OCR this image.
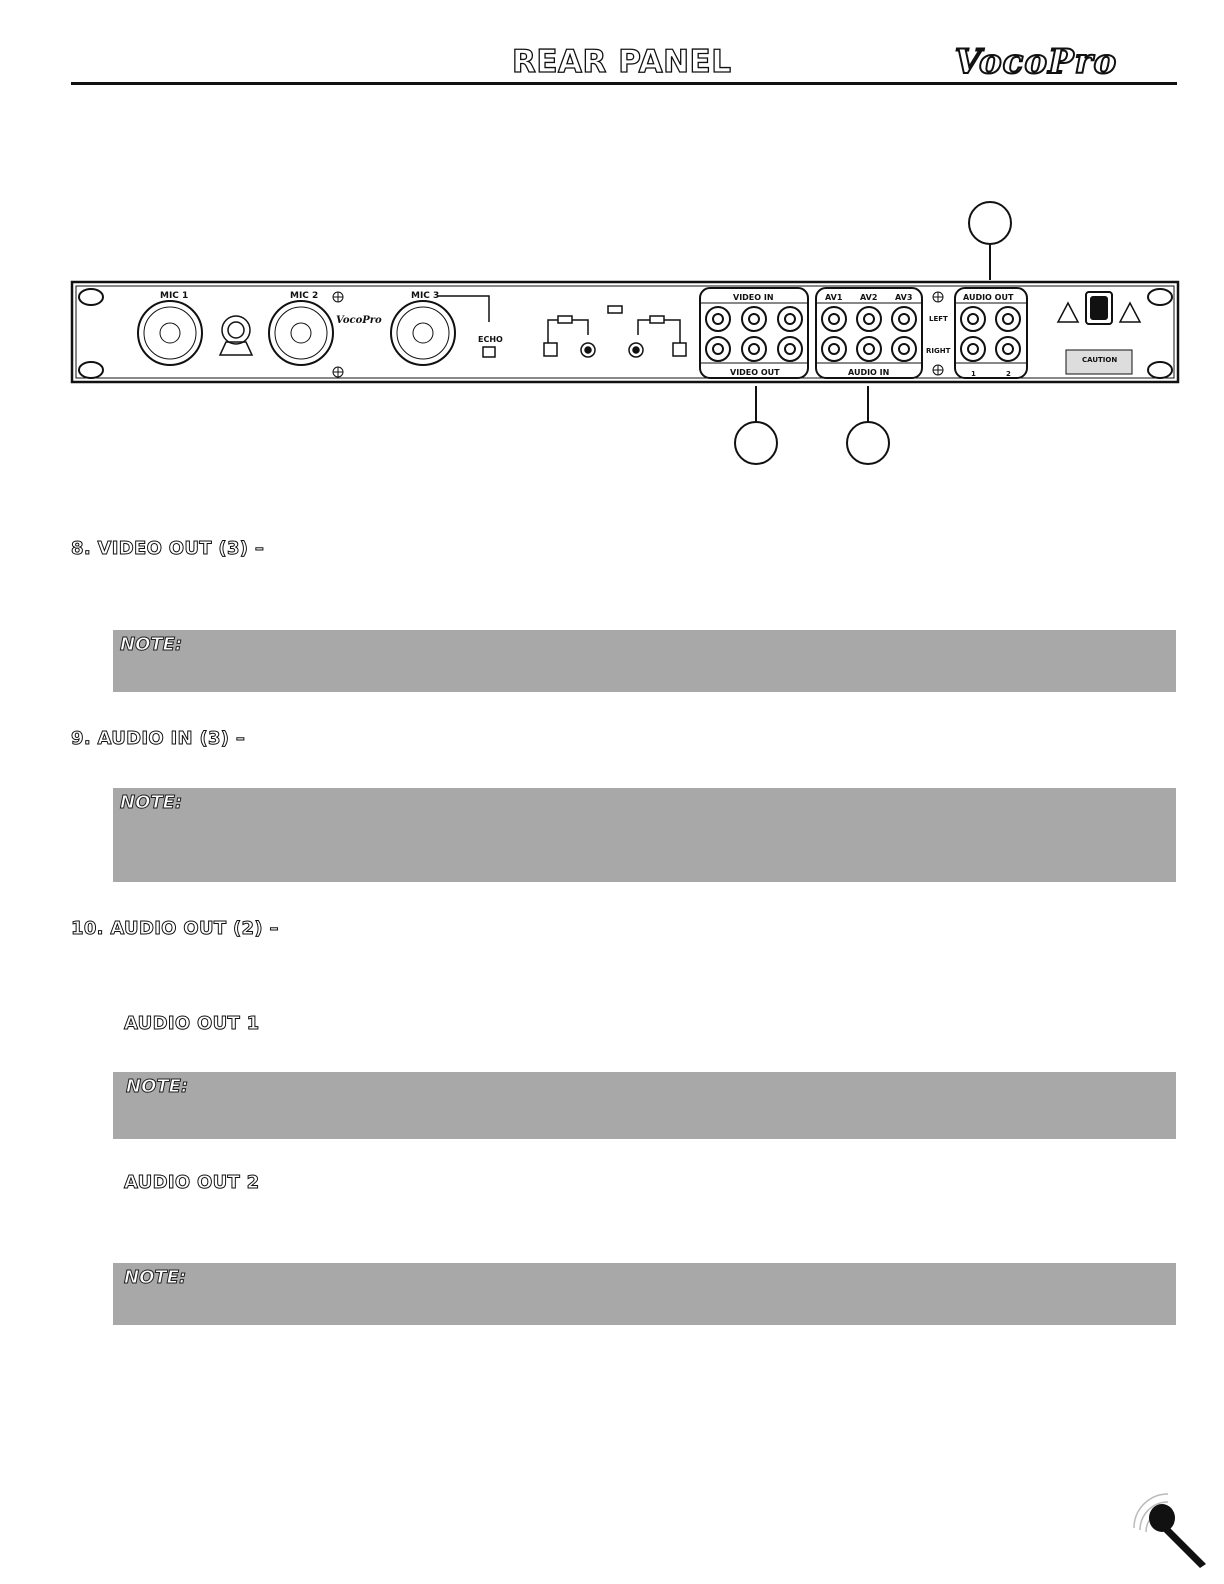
REAR PANEL	VocoPro
VocoPro
MIC 1	MIC 2	MIC 3
ECHO
VIDEO IN
VIDEO OUT
AV1 AV2 AV3
AUDIO IN
AUDIO OUT
LEFT
RIGHT
1	2
CAUTION
8. VIDEO OUT (3) –
NOTE:
9. AUDIO IN (3) –
NOTE:
10. AUDIO OUT (2) –
AUDIO OUT 1
NOTE:
AUDIO OUT 2
NOTE:
